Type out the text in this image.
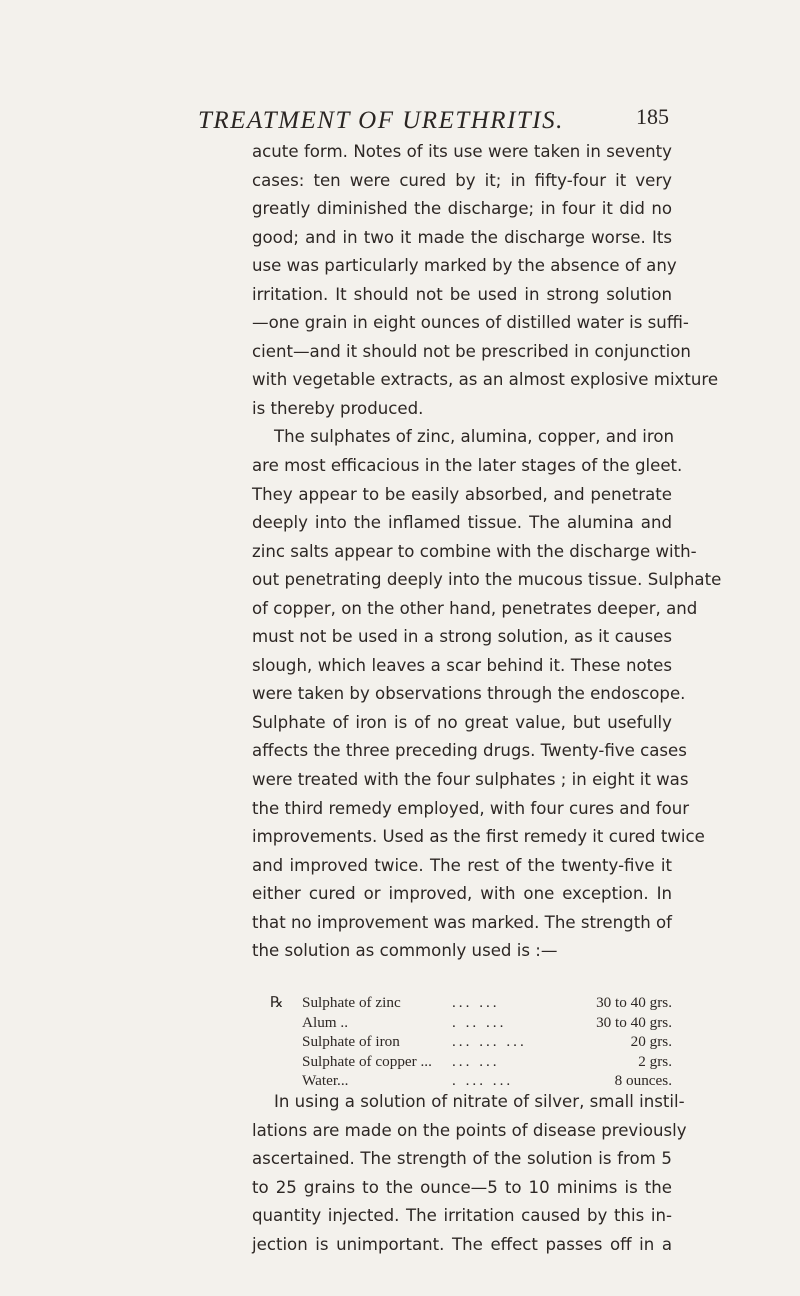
TREATMENT OF URETHRITIS.	185
acute form. Notes of its use were taken in seventy
cases: ten were cured by it; in fifty-four it very
greatly diminished the discharge; in four it did no
good; and in two it made the discharge worse. Its
use was particularly marked by the absence of any
irritation. It should not be used in strong solution
—one grain in eight ounces of distilled water is suffi-
cient—and it should not be prescribed in conjunction
with vegetable extracts, as an almost explosive mixture
is thereby produced.
The sulphates of zinc, alumina, copper, and iron
are most efficacious in the later stages of the gleet.
They appear to be easily absorbed, and penetrate
deeply into the inflamed tissue. The alumina and
zinc salts appear to combine with the discharge with-
out penetrating deeply into the mucous tissue. Sulphate
of copper, on the other hand, penetrates deeper, and
must not be used in a strong solution, as it causes
slough, which leaves a scar behind it. These notes
were taken by observations through the endoscope.
Sulphate of iron is of no great value, but usefully
affects the three preceding drugs. Twenty-five cases
were treated with the four sulphates ; in eight it was
the third remedy employed, with four cures and four
improvements. Used as the first remedy it cured twice
and improved twice. The rest of the twenty-five it
either cured or improved, with one exception. In
that no improvement was marked. The strength of
the solution as commonly used is :—
℞ Sulphate of zinc	... ...	30 to 40 grs.
Alum ..	. .. ...	30 to 40 grs.
Sulphate of iron	... ... ...	20 grs.
Sulphate of copper ... ... ...	2 grs.
Water...	. ... ...	8 ounces.
In using a solution of nitrate of silver, small instil-
lations are made on the points of disease previously
ascertained. The strength of the solution is from 5
to 25 grains to the ounce—5 to 10 minims is the
quantity injected. The irritation caused by this in-
jection is unimportant. The effect passes off in a
